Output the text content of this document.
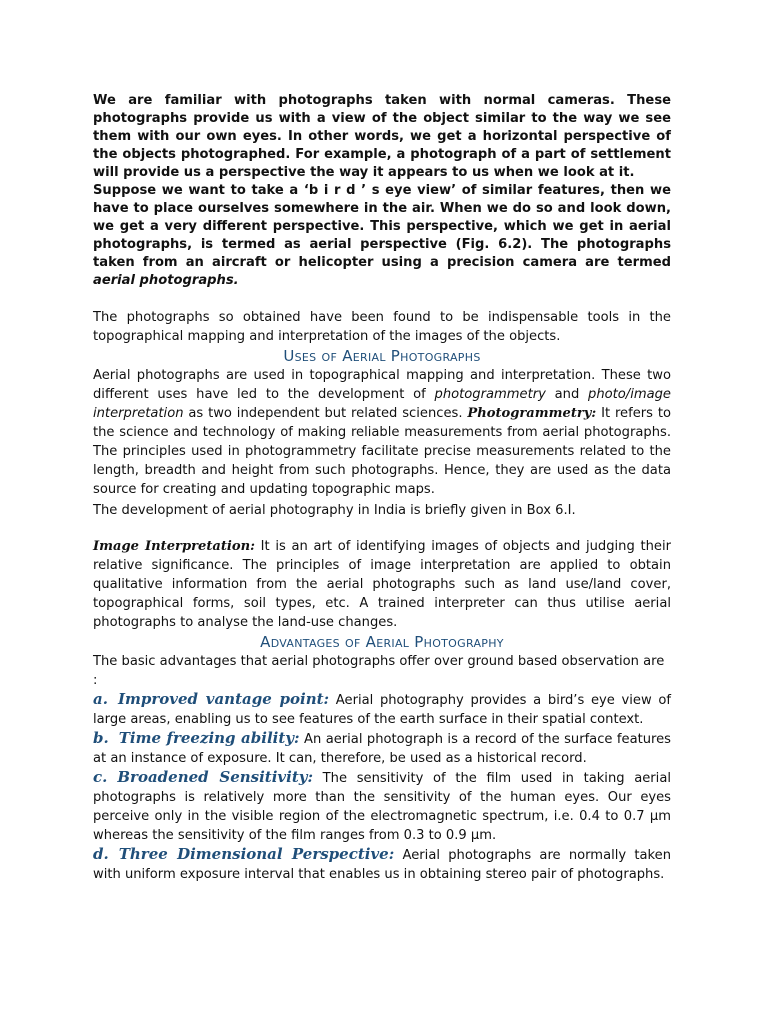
We are familiar with photographs taken with normal cameras. These photographs provide us with a view of the object similar to the way we see them with our own eyes. In other words, we get a horizontal perspective of the objects photographed. For example, a photograph of a part of settlement will provide us a perspective the way it appears to us when we look at it.

Suppose we want to take a ‘b i r d ’ s eye view’ of similar features, then we have to place ourselves somewhere in the air. When we do so and look down, we get a very different perspective. This perspective, which we get in aerial photographs, is termed as aerial perspective (Fig. 6.2). The photographs taken from an aircraft or helicopter using a precision camera are termed aerial photographs.

The photographs so obtained have been found to be indispensable tools in the topographical mapping and interpretation of the images of the objects.

Uses of Aerial Photographs

Aerial photographs are used in topographical mapping and interpretation. These two different uses have led to the development of photogrammetry and photo/image interpretation as two independent but related sciences. Photogrammetry: It refers to the science and technology of making reliable measurements from aerial photographs. The principles used in photogrammetry facilitate precise measurements related to the length, breadth and height from such photographs. Hence, they are used as the data source for creating and updating topographic maps.

The development of aerial photography in India is briefly given in Box 6.I.

Image Interpretation: It is an art of identifying images of objects and judging their relative significance. The principles of image interpretation are applied to obtain qualitative information from the aerial photographs such as land use/land cover, topographical forms, soil types, etc. A trained interpreter can thus utilise aerial photographs to analyse the land-use changes.

Advantages of Aerial Photography

The basic advantages that aerial photographs offer over ground based observation are :

a. Improved vantage point: Aerial photography provides a bird’s eye view of large areas, enabling us to see features of the earth surface in their spatial context.

b. Time freezing ability: An aerial photograph is a record of the surface features at an instance of exposure. It can, therefore, be used as a historical record.

c. Broadened Sensitivity: The sensitivity of the film used in taking aerial photographs is relatively more than the sensitivity of the human eyes. Our eyes perceive only in the visible region of the electromagnetic spectrum, i.e. 0.4 to 0.7 µm whereas the sensitivity of the film ranges from 0.3 to 0.9 µm.

d. Three Dimensional Perspective: Aerial photographs are normally taken with uniform exposure interval that enables us in obtaining stereo pair of photographs.
